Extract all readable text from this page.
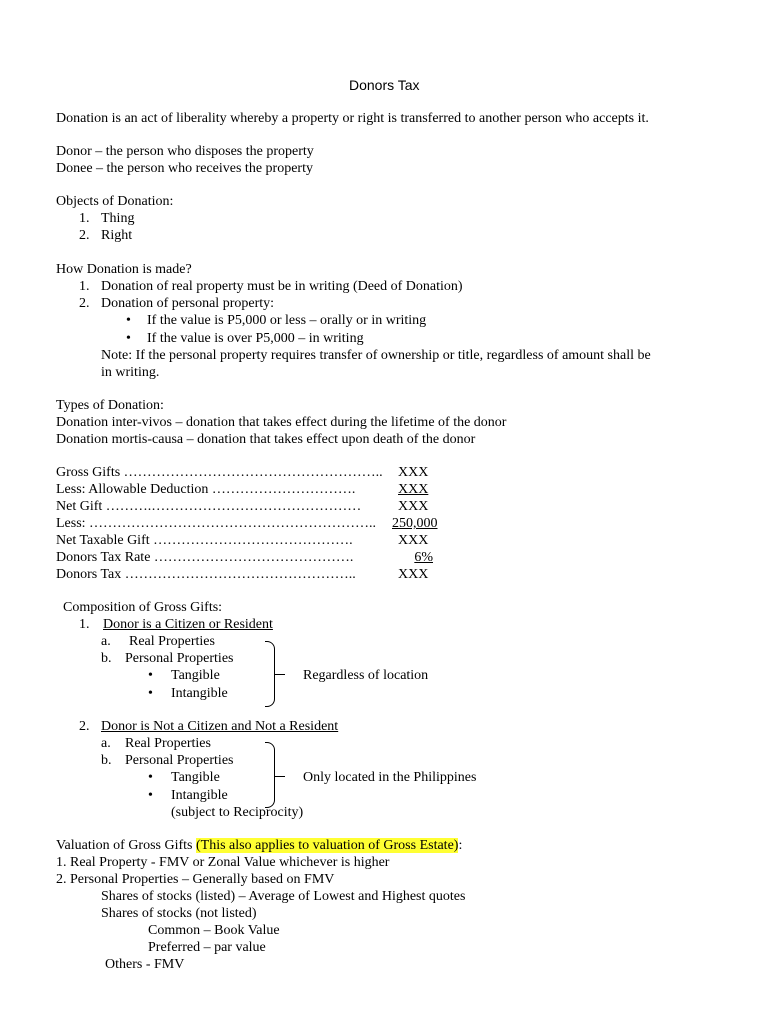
Donors Tax
Donation is an act of liberality whereby a property or right is transferred to another person who accepts it.
Donor – the person who disposes the property
Donee – the person who receives the property
Objects of Donation:
1. Thing
2. Right
How Donation is made?
1. Donation of real property must be in writing (Deed of Donation)
2. Donation of personal property:
• If the value is P5,000 or less – orally or in writing
• If the value is over P5,000 – in writing
Note: If the personal property requires transfer of ownership or title, regardless of amount shall be
in writing.
Types of Donation:
Donation inter-vivos – donation that takes effect during the lifetime of the donor
Donation mortis-causa – donation that takes effect upon death of the donor
Gross Gifts ……………………………………………….. XXX
Less: Allowable Deduction ………………………….	XXX
Net Gift ……….………………………………………	XXX
Less: …………………………………………………….. 250,000
Net Taxable Gift …………………………………….	XXX
Donors Tax Rate …………………………………….	6%
Donors Tax …………………………………………..	XXX
Composition of Gross Gifts:
1. Donor is a Citizen or Resident
a. Real Properties
b. Personal Properties
• Tangible
• Intangible
Regardless of location
2. Donor is Not a Citizen and Not a Resident
a. Real Properties
b. Personal Properties
• Tangible
• Intangible
(subject to Reciprocity)
Only located in the Philippines
Valuation of Gross Gifts (This also applies to valuation of Gross Estate):
1. Real Property - FMV or Zonal Value whichever is higher
2. Personal Properties – Generally based on FMV
Shares of stocks (listed) – Average of Lowest and Highest quotes
Shares of stocks (not listed)
Common – Book Value
Preferred – par value
Others - FMV
